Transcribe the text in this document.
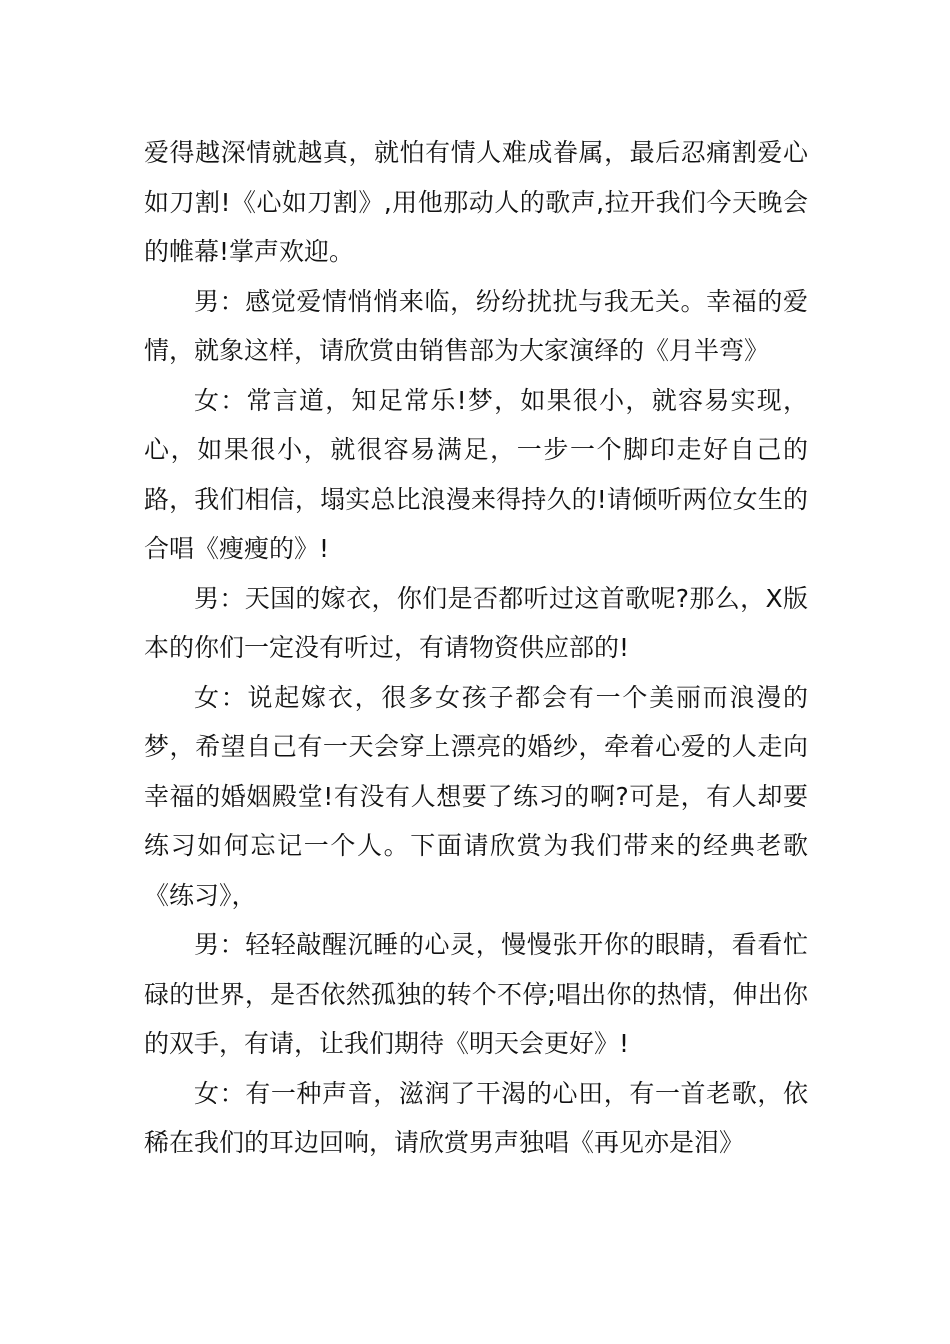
爱得越深情就越真，就怕有情人难成眷属，最后忍痛割爱心如刀割!《心如刀割》,用他那动人的歌声,拉开我们今天晚会的帷幕!掌声欢迎。

男：感觉爱情悄悄来临，纷纷扰扰与我无关。幸福的爱情，就象这样，请欣赏由销售部为大家演绎的《月半弯》

女：常言道，知足常乐!梦，如果很小，就容易实现，心，如果很小，就很容易满足，一步一个脚印走好自己的路，我们相信，塌实总比浪漫来得持久的!请倾听两位女生的合唱《瘦瘦的》!

男：天国的嫁衣，你们是否都听过这首歌呢?那么，X版本的你们一定没有听过，有请物资供应部的!

女：说起嫁衣，很多女孩子都会有一个美丽而浪漫的梦，希望自己有一天会穿上漂亮的婚纱，牵着心爱的人走向幸福的婚姻殿堂!有没有人想要了练习的啊?可是，有人却要练习如何忘记一个人。下面请欣赏为我们带来的经典老歌《练习》，

男：轻轻敲醒沉睡的心灵，慢慢张开你的眼睛，看看忙碌的世界，是否依然孤独的转个不停;唱出你的热情，伸出你的双手，有请，让我们期待《明天会更好》!

女：有一种声音，滋润了干渴的心田，有一首老歌，依稀在我们的耳边回响，请欣赏男声独唱《再见亦是泪》
